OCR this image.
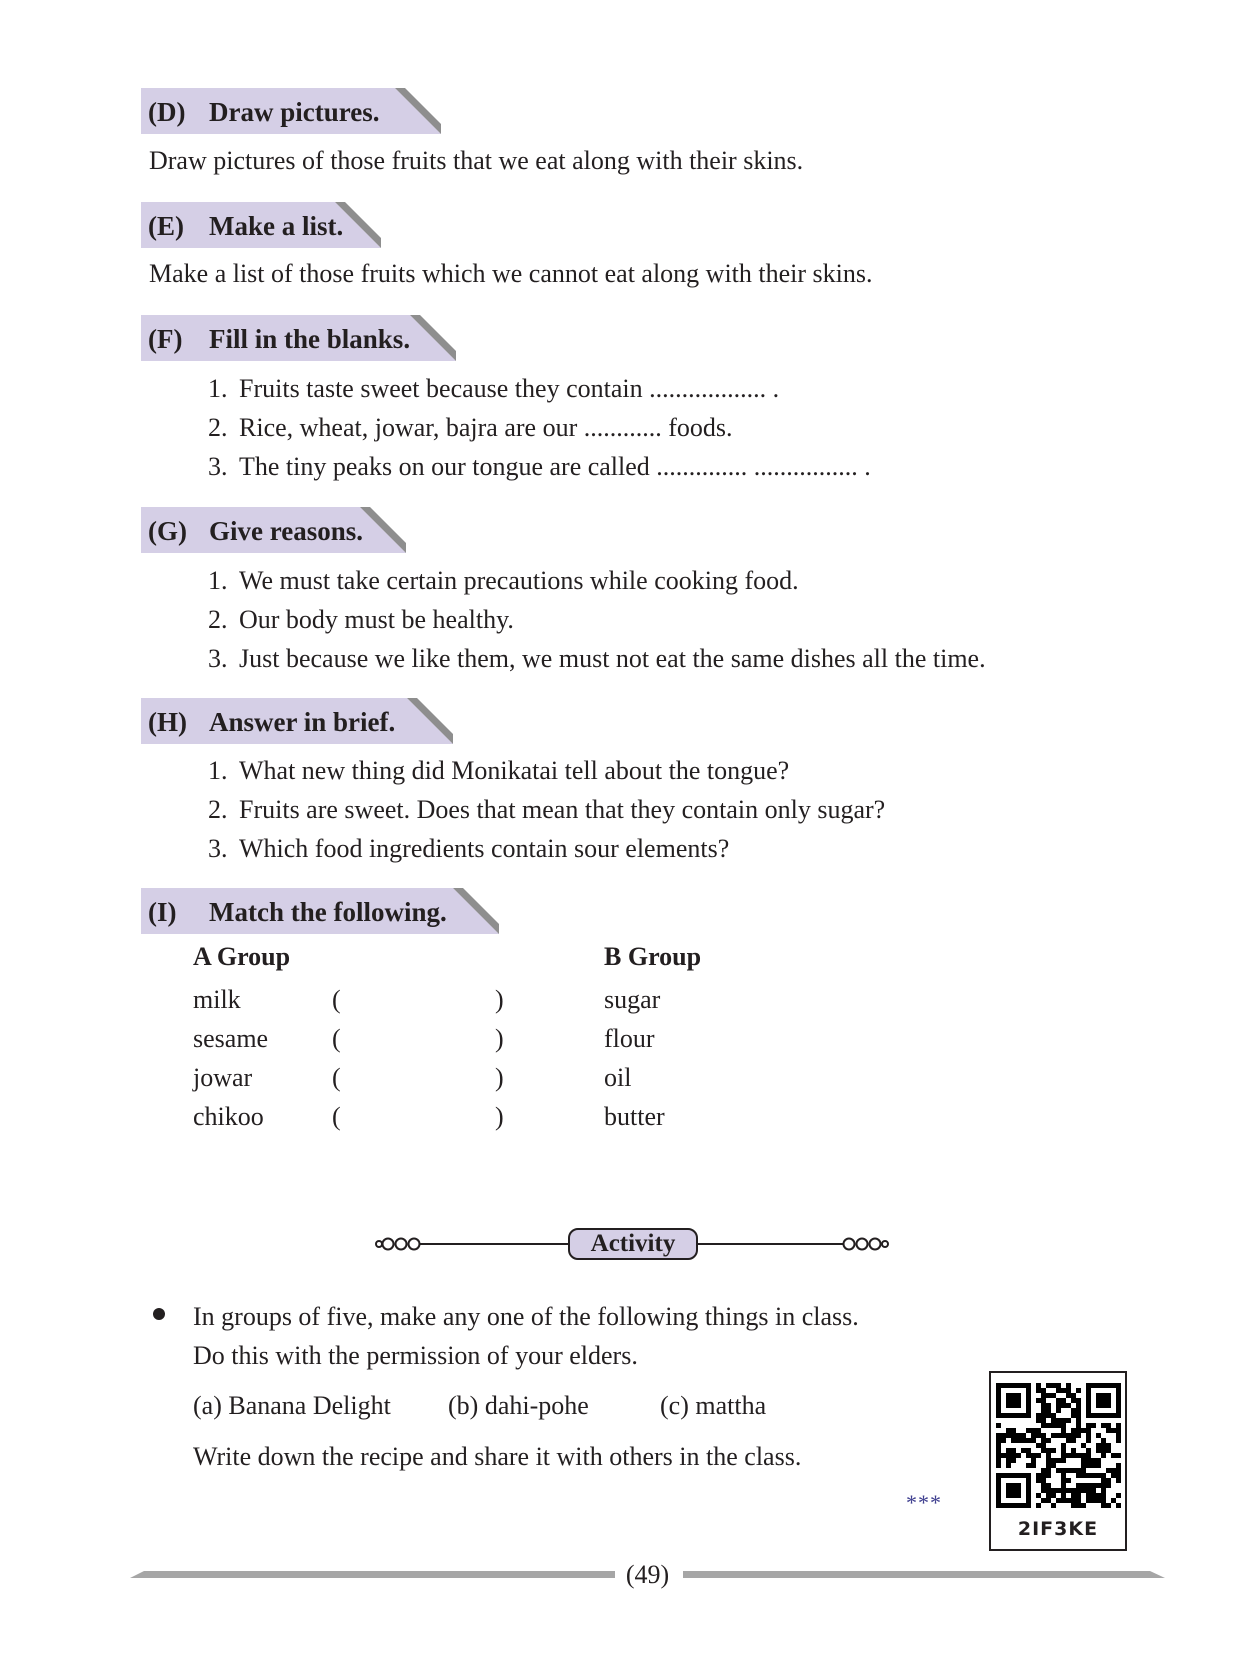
(D) Draw pictures.
Draw pictures of those fruits that we eat along with their skins.
(E) Make a list.
Make a list of those fruits which we cannot eat along with their skins.
(F) Fill in the blanks.
1. Fruits taste sweet because they contain .................. .
2. Rice, wheat, jowar, bajra are our ............ foods.
3. The tiny peaks on our tongue are called .............. ................ .
(G) Give reasons.
1. We must take certain precautions while cooking food.
2. Our body must be healthy.
3. Just because we like them, we must not eat the same dishes all the time.
(H) Answer in brief.
1. What new thing did Monikatai tell about the tongue?
2. Fruits are sweet. Does that mean that they contain only sugar?
3. Which food ingredients contain sour elements?
(I) Match the following.
A Group	B Group
milk	(	)	sugar
sesame (	)	flour
jowar	(	)	oil
chikoo	(	)	butter
Activity
In groups of five, make any one of the following things in class.
Do this with the permission of your elders.
(a) Banana Delight (b) dahi-pohe	(c) mattha
Write down the recipe and share it with others in the class.
***
2IF3KE
(49)
